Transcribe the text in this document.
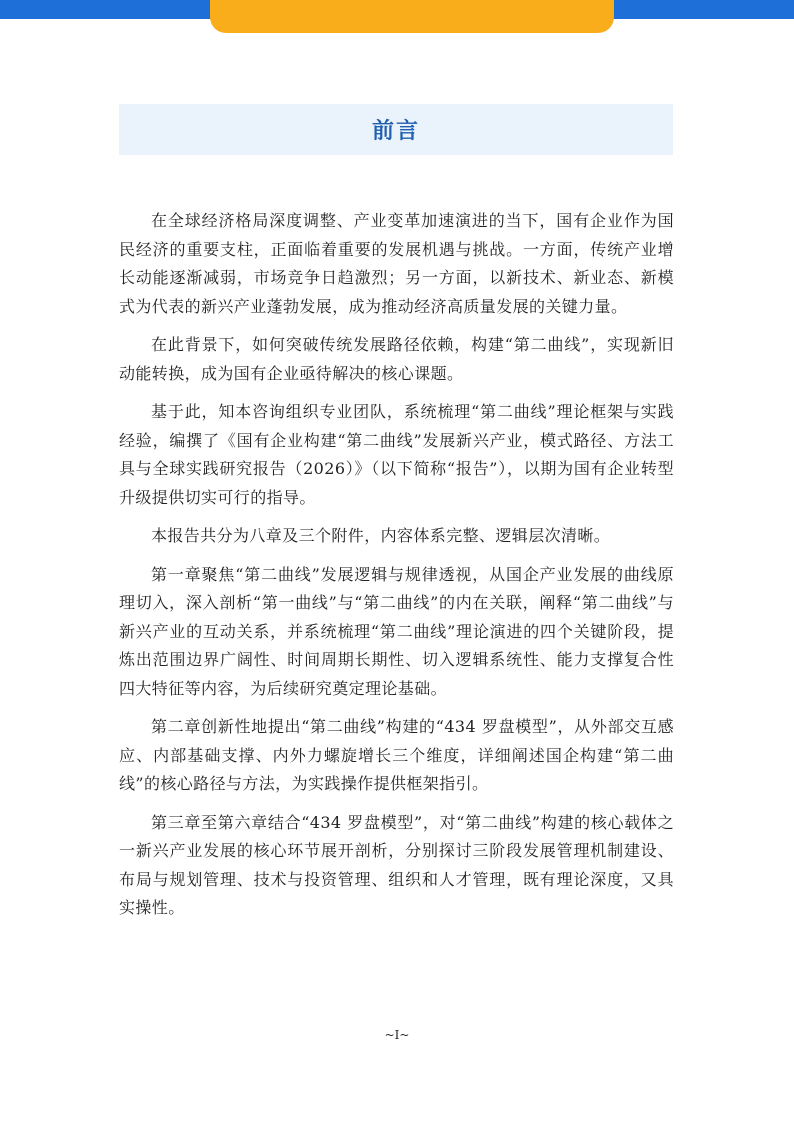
前言

在全球经济格局深度调整、产业变革加速演进的当下，国有企业作为国民经济的重要支柱，正面临着重要的发展机遇与挑战。一方面，传统产业增长动能逐渐减弱，市场竞争日趋激烈；另一方面，以新技术、新业态、新模式为代表的新兴产业蓬勃发展，成为推动经济高质量发展的关键力量。

在此背景下，如何突破传统发展路径依赖，构建“第二曲线”，实现新旧动能转换，成为国有企业亟待解决的核心课题。

基于此，知本咨询组织专业团队，系统梳理“第二曲线”理论框架与实践经验，编撰了《国有企业构建“第二曲线”发展新兴产业，模式路径、方法工具与全球实践研究报告（2026）》（以下简称“报告”），以期为国有企业转型升级提供切实可行的指导。

本报告共分为八章及三个附件，内容体系完整、逻辑层次清晰。

第一章聚焦“第二曲线”发展逻辑与规律透视，从国企产业发展的曲线原理切入，深入剖析“第一曲线”与“第二曲线”的内在关联，阐释“第二曲线”与新兴产业的互动关系，并系统梳理“第二曲线”理论演进的四个关键阶段，提炼出范围边界广阔性、时间周期长期性、切入逻辑系统性、能力支撑复合性四大特征等内容，为后续研究奠定理论基础。

第二章创新性地提出“第二曲线”构建的“434 罗盘模型”，从外部交互感应、内部基础支撑、内外力螺旋增长三个维度，详细阐述国企构建“第二曲线”的核心路径与方法，为实践操作提供框架指引。

第三章至第六章结合“434 罗盘模型”，对“第二曲线”构建的核心载体之一新兴产业发展的核心环节展开剖析，分别探讨三阶段发展管理机制建设、布局与规划管理、技术与投资管理、组织和人才管理，既有理论深度，又具实操性。

~I~
